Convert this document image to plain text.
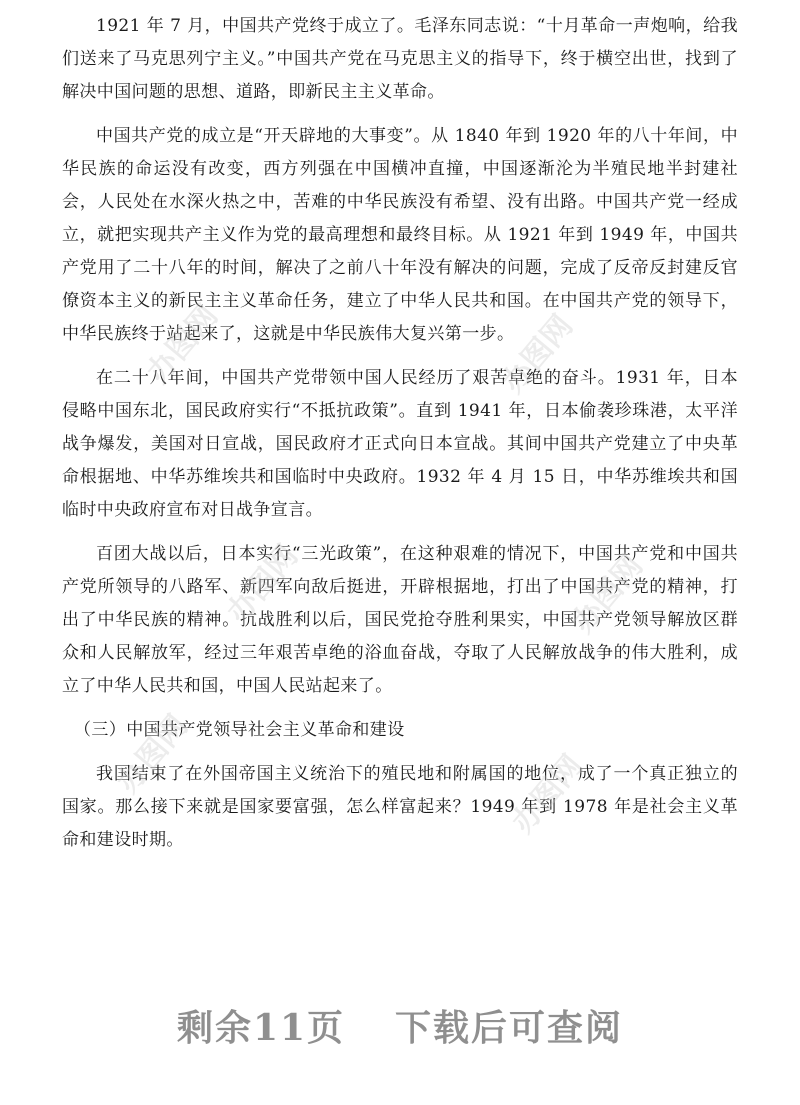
1921 年 7 月，中国共产党终于成立了。毛泽东同志说：“十月革命一声炮响，给我们送来了马克思列宁主义。”中国共产党在马克思主义的指导下，终于横空出世，找到了解决中国问题的思想、道路，即新民主主义革命。

中国共产党的成立是“开天辟地的大事变”。从 1840 年到 1920 年的八十年间，中华民族的命运没有改变，西方列强在中国横冲直撞，中国逐渐沦为半殖民地半封建社会，人民处在水深火热之中，苦难的中华民族没有希望、没有出路。中国共产党一经成立，就把实现共产主义作为党的最高理想和最终目标。从 1921 年到 1949 年，中国共产党用了二十八年的时间，解决了之前八十年没有解决的问题，完成了反帝反封建反官僚资本主义的新民主主义革命任务，建立了中华人民共和国。在中国共产党的领导下，中华民族终于站起来了，这就是中华民族伟大复兴第一步。

在二十八年间，中国共产党带领中国人民经历了艰苦卓绝的奋斗。1931 年，日本侵略中国东北，国民政府实行“不抵抗政策”。直到 1941 年，日本偷袭珍珠港，太平洋战争爆发，美国对日宣战，国民政府才正式向日本宣战。其间中国共产党建立了中央革命根据地、中华苏维埃共和国临时中央政府。1932 年 4 月 15 日，中华苏维埃共和国临时中央政府宣布对日战争宣言。

百团大战以后，日本实行“三光政策”，在这种艰难的情况下，中国共产党和中国共产党所领导的八路军、新四军向敌后挺进，开辟根据地，打出了中国共产党的精神，打出了中华民族的精神。抗战胜利以后，国民党抢夺胜利果实，中国共产党领导解放区群众和人民解放军，经过三年艰苦卓绝的浴血奋战，夺取了人民解放战争的伟大胜利，成立了中华人民共和国，中国人民站起来了。

（三）中国共产党领导社会主义革命和建设

我国结束了在外国帝国主义统治下的殖民地和附属国的地位，成了一个真正独立的国家。那么接下来就是国家要富强，怎么样富起来？1949 年到 1978 年是社会主义革命和建设时期。

办图网	办图网
办图网	办图网
办图网	办图网
剩余11页 下载后可查阅
